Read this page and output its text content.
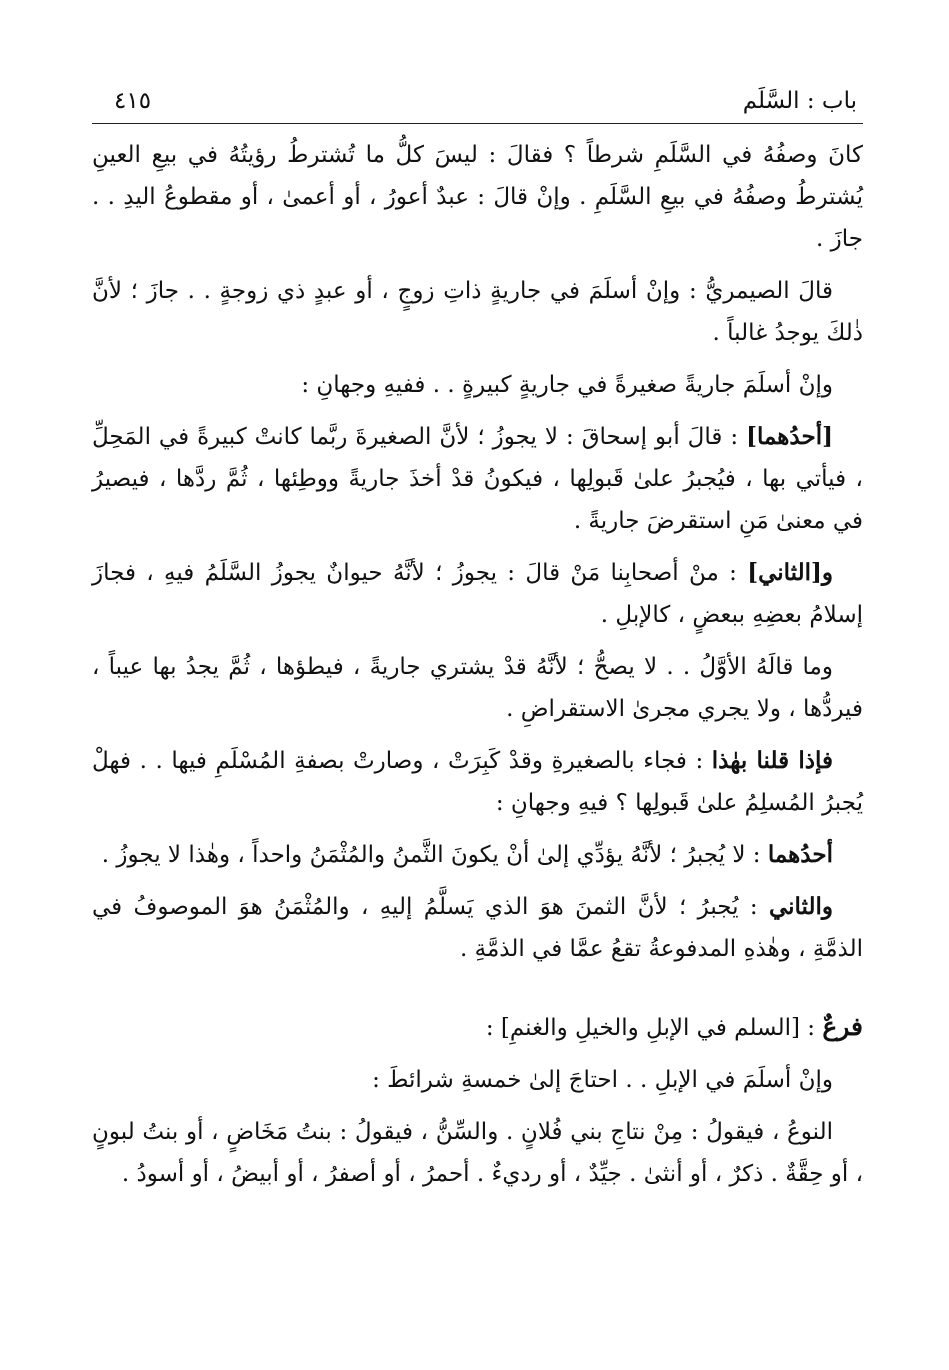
باب : السَّلَم
٤١٥

كانَ وصفُهُ في السَّلَمِ شرطاً ؟ فقالَ : ليسَ كلُّ ما تُشترطُ رؤيتُهُ في بيعِ العينِ يُشترطُ وصفُهُ في بيعِ السَّلَمِ . وإنْ قالَ : عبدٌ أعورُ ، أو أعمىٰ ، أو مقطوعُ اليدِ . . جازَ .

قالَ الصيمريُّ : وإنْ أسلَمَ في جاريةٍ ذاتِ زوجٍ ، أو عبدٍ ذي زوجةٍ . . جازَ ؛ لأنَّ ذٰلكَ يوجدُ غالباً .

وإنْ أسلَمَ جاريةً صغيرةً في جاريةٍ كبيرةٍ . . ففيهِ وجهانِ :

[أحدُهما] : قالَ أبو إسحاقَ : لا يجوزُ ؛ لأنَّ الصغيرةَ ربَّما كانتْ كبيرةً في المَحِلِّ ، فيأتي بها ، فيُجبرُ علىٰ قَبولِها ، فيكونُ قدْ أخذَ جاريةً ووطِئها ، ثُمَّ ردَّها ، فيصيرُ في معنىٰ مَنِ استقرضَ جاريةً .

و[الثاني] : منْ أصحابِنا مَنْ قالَ : يجوزُ ؛ لأنَّهُ حيوانٌ يجوزُ السَّلَمُ فيهِ ، فجازَ إسلامُ بعضِهِ ببعضٍ ، كالإبلِ .

وما قالَهُ الأوَّلُ . . لا يصحُّ ؛ لأنَّهُ قدْ يشتري جاريةً ، فيطؤها ، ثُمَّ يجدُ بها عيباً ، فيردُّها ، ولا يجري مجرىٰ الاستقراضِ .

فإذا قلنا بهٰذا : فجاء بالصغيرةِ وقدْ كَبِرَتْ ، وصارتْ بصفةِ المُسْلَمِ فيها . . فهلْ يُجبرُ المُسلِمُ علىٰ قَبولِها ؟ فيهِ وجهانِ :

أحدُهما : لا يُجبرُ ؛ لأنَّهُ يؤدِّي إلىٰ أنْ يكونَ الثَّمنُ والمُثْمَنُ واحداً ، وهٰذا لا يجوزُ .

والثاني : يُجبرُ ؛ لأنَّ الثمنَ هوَ الذي يَسلَّمُ إليهِ ، والمُثْمَنُ هوَ الموصوفُ في الذمَّةِ ، وهٰذهِ المدفوعةُ تقعُ عمَّا في الذمَّةِ .

فرعٌ : [السلم في الإبلِ والخيلِ والغنمِ] :

وإنْ أسلَمَ في الإبلِ . . احتاجَ إلىٰ خمسةِ شرائطَ :

النوعُ ، فيقولُ : مِنْ نتاجِ بني فُلانٍ . والسِّنُّ ، فيقولُ : بنتُ مَخَاضٍ ، أو بنتُ لبونٍ ، أو حِقَّةٌ . ذكرٌ ، أو أنثىٰ . جيِّدٌ ، أو رديءٌ . أحمرُ ، أو أصفرُ ، أو أبيضُ ، أو أسودُ .
